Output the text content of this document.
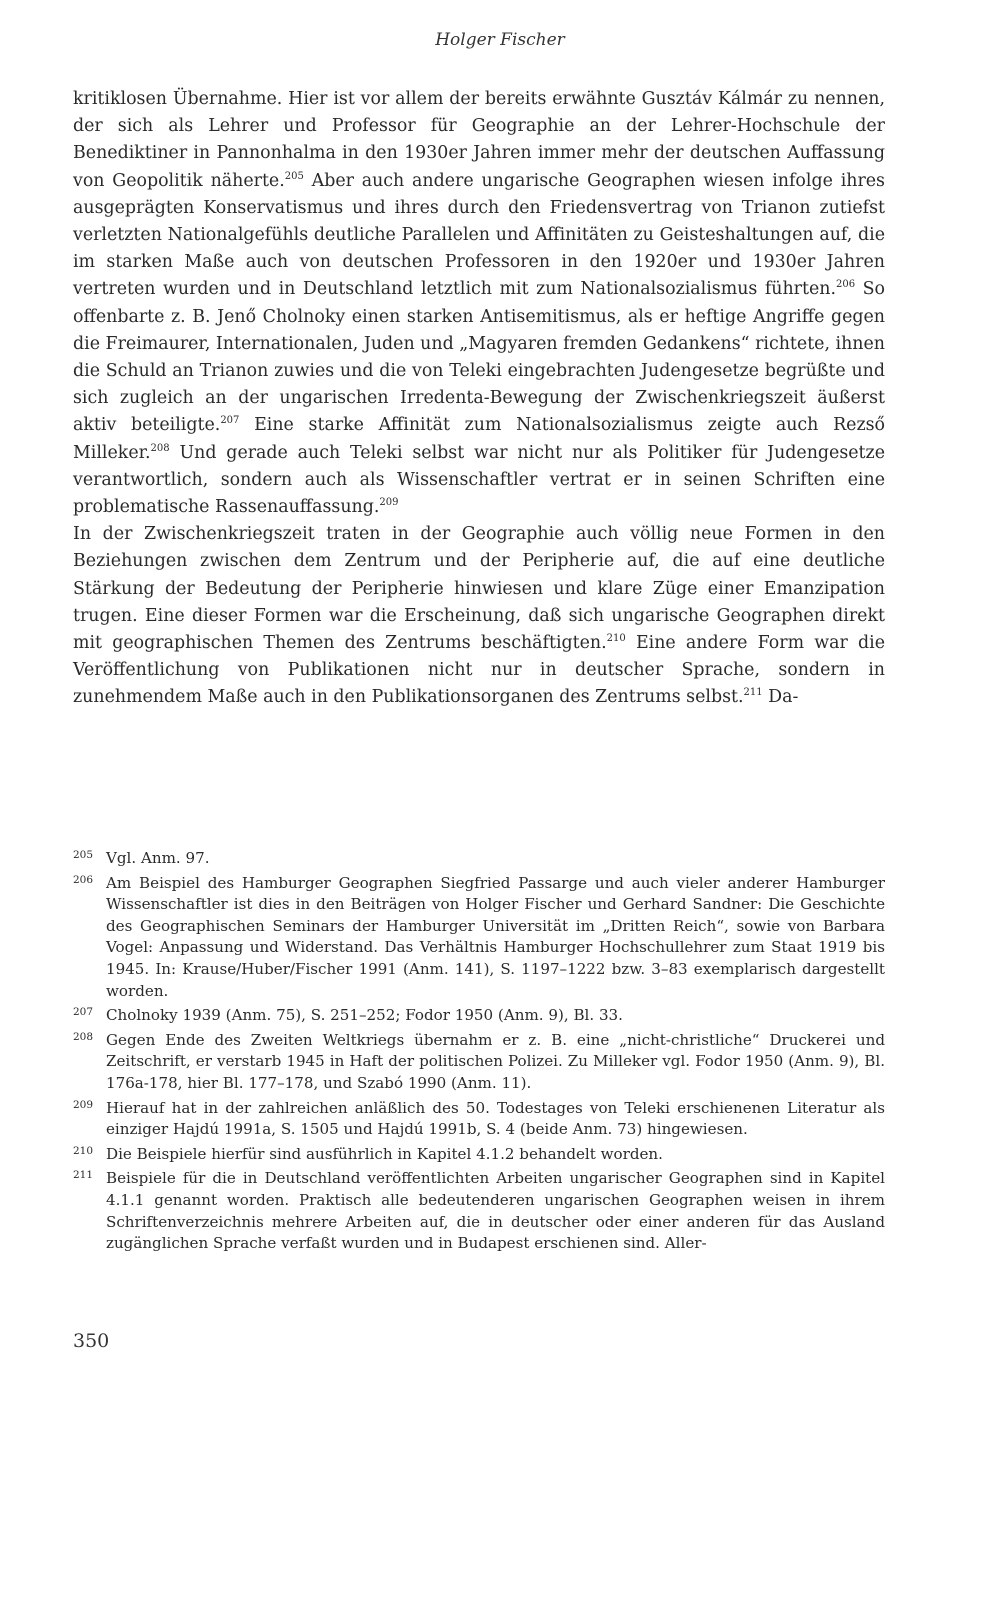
Holger Fischer

kritiklosen Übernahme. Hier ist vor allem der bereits erwähnte Gusztáv Kálmár zu nennen, der sich als Lehrer und Professor für Geographie an der Lehrer-Hochschule der Benediktiner in Pannonhalma in den 1930er Jahren immer mehr der deutschen Auffassung von Geopolitik näherte.$^{205}$ Aber auch andere ungarische Geographen wiesen infolge ihres ausgeprägten Konservatismus und ihres durch den Friedensvertrag von Trianon zutiefst verletzten Nationalgefühls deutliche Parallelen und Affinitäten zu Geisteshaltungen auf, die im starken Maße auch von deutschen Professoren in den 1920er und 1930er Jahren vertreten wurden und in Deutschland letztlich mit zum Nationalsozialismus führten.$^{206}$ So offenbarte z. B. Jenő Cholnoky einen starken Antisemitismus, als er heftige Angriffe gegen die Freimaurer, Internationalen, Juden und „Magyaren fremden Gedankens“ richtete, ihnen die Schuld an Trianon zuwies und die von Teleki eingebrachten Judengesetze begrüßte und sich zugleich an der ungarischen Irredenta-Bewegung der Zwischenkriegszeit äußerst aktiv beteiligte.$^{207}$ Eine starke Affinität zum Nationalsozialismus zeigte auch Rezső Milleker.$^{208}$ Und gerade auch Teleki selbst war nicht nur als Politiker für Judengesetze verantwortlich, sondern auch als Wissenschaftler vertrat er in seinen Schriften eine problematische Rassenauffassung.$^{209}$

In der Zwischenkriegszeit traten in der Geographie auch völlig neue Formen in den Beziehungen zwischen dem Zentrum und der Peripherie auf, die auf eine deutliche Stärkung der Bedeutung der Peripherie hinwiesen und klare Züge einer Emanzipation trugen. Eine dieser Formen war die Erscheinung, daß sich ungarische Geographen direkt mit geographischen Themen des Zentrums beschäftigten.$^{210}$ Eine andere Form war die Veröffentlichung von Publikationen nicht nur in deutscher Sprache, sondern in zunehmendem Maße auch in den Publikationsorganen des Zentrums selbst.$^{211}$ Da-

205 Vgl. Anm. 97.
206 Am Beispiel des Hamburger Geographen Siegfried Passarge und auch vieler anderer Hamburger Wissenschaftler ist dies in den Beiträgen von Holger Fischer und Gerhard Sandner: Die Geschichte des Geographischen Seminars der Hamburger Universität im „Dritten Reich“, sowie von Barbara Vogel: Anpassung und Widerstand. Das Verhältnis Hamburger Hochschullehrer zum Staat 1919 bis 1945. In: Krause/Huber/Fischer 1991 (Anm. 141), S. 1197–1222 bzw. 3–83 exemplarisch dargestellt worden.
207 Cholnoky 1939 (Anm. 75), S. 251–252; Fodor 1950 (Anm. 9), Bl. 33.
208 Gegen Ende des Zweiten Weltkriegs übernahm er z. B. eine „nicht-christliche“ Druckerei und Zeitschrift, er verstarb 1945 in Haft der politischen Polizei. Zu Milleker vgl. Fodor 1950 (Anm. 9), Bl. 176a-178, hier Bl. 177–178, und Szabó 1990 (Anm. 11).
209 Hierauf hat in der zahlreichen anläßlich des 50. Todestages von Teleki erschienenen Literatur als einziger Hajdú 1991a, S. 1505 und Hajdú 1991b, S. 4 (beide Anm. 73) hingewiesen.
210 Die Beispiele hierfür sind ausführlich in Kapitel 4.1.2 behandelt worden.
211 Beispiele für die in Deutschland veröffentlichten Arbeiten ungarischer Geographen sind in Kapitel 4.1.1 genannt worden. Praktisch alle bedeutenderen ungarischen Geographen weisen in ihrem Schriftenverzeichnis mehrere Arbeiten auf, die in deutscher oder einer anderen für das Ausland zugänglichen Sprache verfaßt wurden und in Budapest erschienen sind. Aller-
350
